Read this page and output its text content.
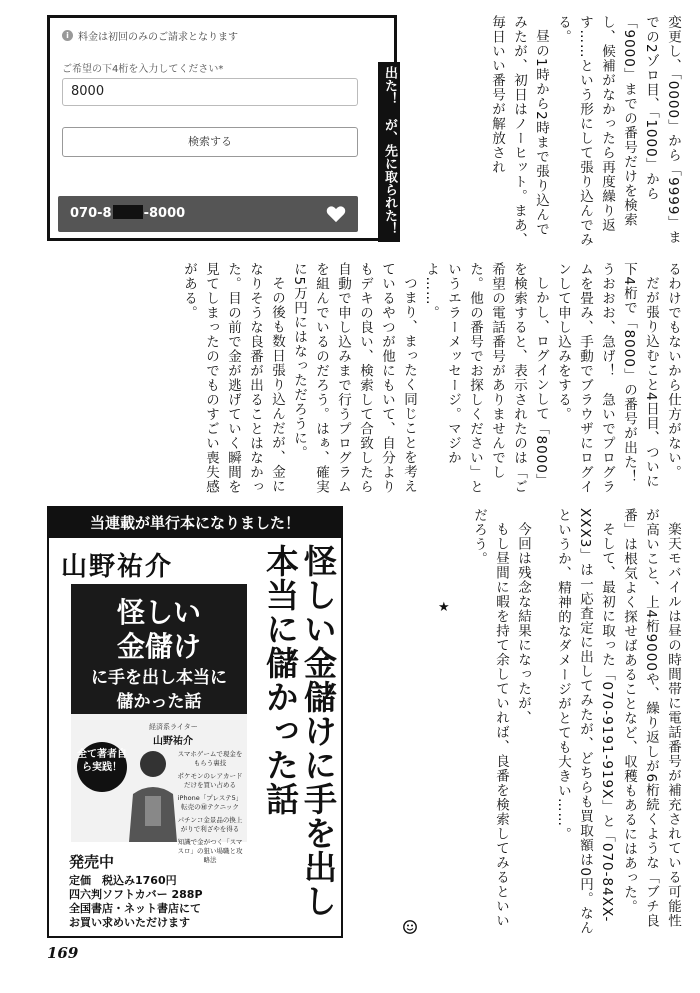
i 料金は初回のみのご請求となります
ご希望の下4桁を入力してください*
8000
検索する
070-8 -8000	出た！　が、先に取られた！	変更し、「0000」から「9999」までの2ゾロ目、「1000」から「9000」までの番号だけを検索し、候補がなかったら再度繰り返す……という形にして張り込んでみる。

昼の1時から2時まで張り込んでみたが、初日はノーヒット。まあ、毎日いい番号が解放され

るわけでもないから仕方がない。

だが張り込むこと4日目、ついに下4桁で「8000」の番号が出た！　うおおお、急げ！　急いでプログラムを畳み、手動でブラウザにログインして申し込みをする。

しかし、ログインして「8000」を検索すると、表示されたのは「ご希望の電話番号がありませんでした。他の番号でお探しください」というエラーメッセージ。マジかよ……。

つまり、まったく同じことを考えているやつが他にもいて、自分よりもデキの良い、検索して合致したら自動で申し込みまで行うプログラムを組んでいるのだろう。はぁ、確実に5万円にはなっただろうに。

その後も数日張り込んだが、金になりそうな良番が出ることはなかった。目の前で金が逃げていく瞬間を見てしまったのでものすごい喪失感がある。

楽天モバイルは昼の時間帯に電話番号が補充されている可能性が高いこと、上4桁9000や、繰り返しが6桁続くような「ブチ良番」は根気よく探せばあることなど、収穫もあるにはあった。

そして、最初に取った「070-9191-919X」と「070-84XX-XXX3」は一応査定に出してみたが、どちらも買取額は0円。なんというか、精神的なダメージがとても大きい……。

今回は残念な結果になったが、

もし昼間に暇を持て余していれば、良番を検索してみるといいだろう。

★
当連載が単行本になりました！
山野祐介	怪しい金儲けに手を出し本当に儲かった話
怪しい
金儲け
に手を出し本当に
儲かった話
経済系ライター
山野祐介
全て著者自ら実践！
スマホゲームで現金をもらう裏技
ポケモンのレアカードだけを買い占める
iPhone「プレステ5」転売の㊙テクニック
パチンコ金景品の換上がりで利ざやを得る
知識で金がつく「スマスロ」の狙い場職と攻略法
発売中
定価　税込み1760円
四六判ソフトカバー 288P
全国書店・ネット書店にて
お買い求めいただけます
169
